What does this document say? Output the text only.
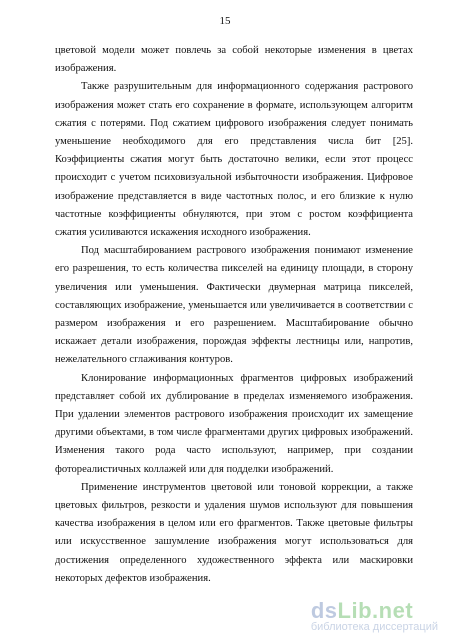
15

цветовой модели может повлечь за собой некоторые изменения в цветах изображения.

Также разрушительным для информационного содержания растрового изображения может стать его сохранение в формате, использующем алгоритм сжатия с потерями. Под сжатием цифрового изображения следует понимать уменьшение необходимого для его представления числа бит [25]. Коэффициенты сжатия могут быть достаточно велики, если этот процесс происходит с учетом психовизуальной избыточности изображения. Цифровое изображение представляется в виде частотных полос, и его близкие к нулю частотные коэффициенты обнуляются, при этом с ростом коэффициента сжатия усиливаются искажения исходного изображения.

Под масштабированием растрового изображения понимают изменение его разрешения, то есть количества пикселей на единицу площади, в сторону увеличения или уменьшения. Фактически двумерная матрица пикселей, составляющих изображение, уменьшается или увеличивается в соответствии с размером изображения и его разрешением. Масштабирование обычно искажает детали изображения, порождая эффекты лестницы или, напротив, нежелательного сглаживания контуров.

Клонирование информационных фрагментов цифровых изображений представляет собой их дублирование в пределах изменяемого изображения. При удалении элементов растрового изображения происходит их замещение другими объектами, в том числе фрагментами других цифровых изображений. Изменения такого рода часто используют, например, при создании фотореалистичных коллажей или для подделки изображений.

Применение инструментов цветовой или тоновой коррекции, а также цветовых фильтров, резкости и удаления шумов используют для повышения качества изображения в целом или его фрагментов. Также цветовые фильтры или искусственное зашумление изображения могут использоваться для достижения определенного художественного эффекта или маскировки некоторых дефектов изображения.

dsLib.net
библиотека диссертаций
